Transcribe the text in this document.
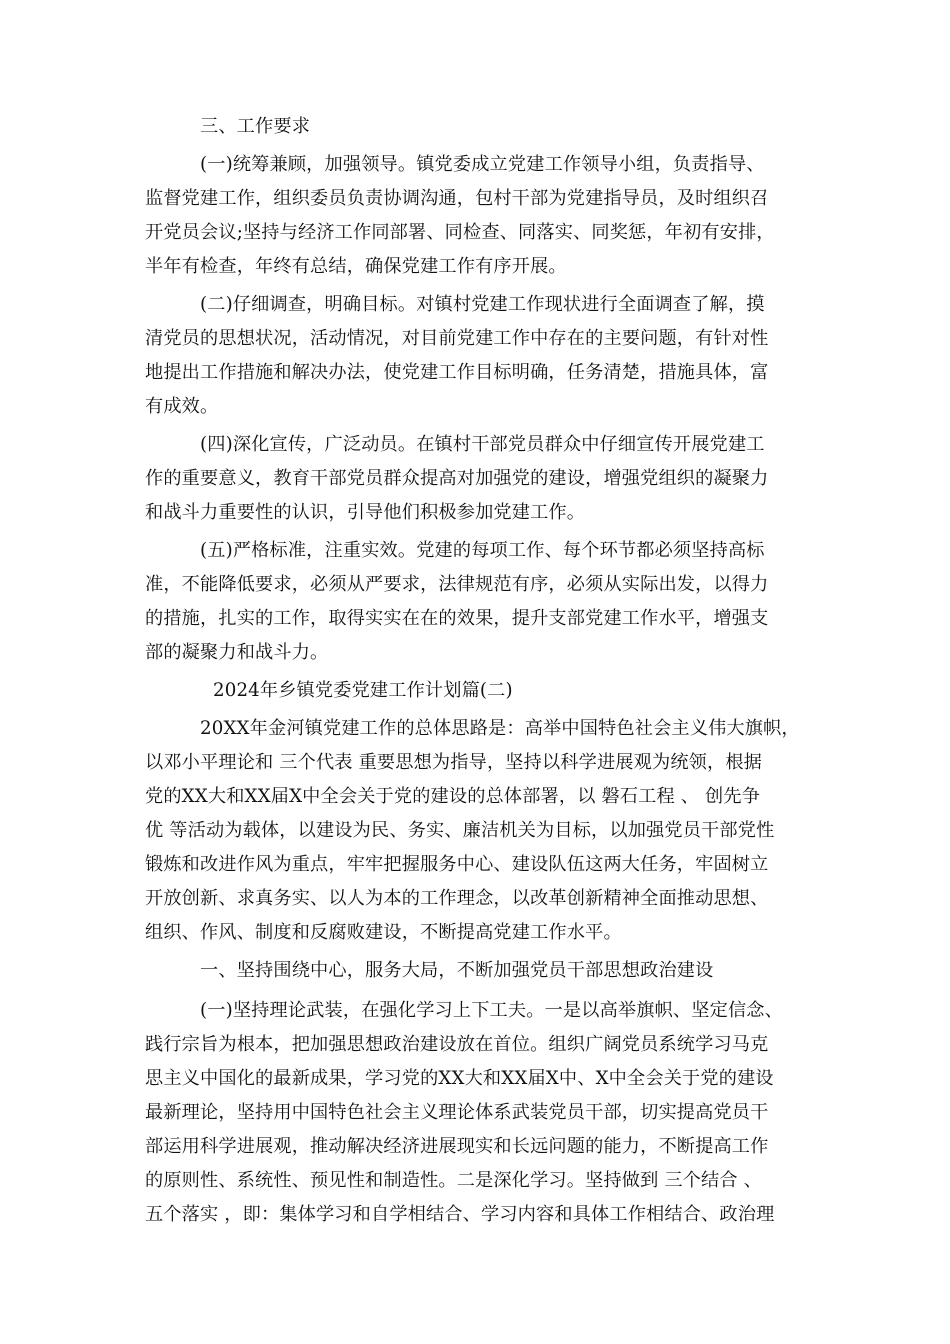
三、工作要求
(一)统筹兼顾，加强领导。镇党委成立党建工作领导小组，负责指导、
监督党建工作，组织委员负责协调沟通，包村干部为党建指导员，及时组织召
开党员会议;坚持与经济工作同部署、同检查、同落实、同奖惩，年初有安排，
半年有检查，年终有总结，确保党建工作有序开展。
(二)仔细调查，明确目标。对镇村党建工作现状进行全面调查了解，摸
清党员的思想状况，活动情况，对目前党建工作中存在的主要问题，有针对性
地提出工作措施和解决办法，使党建工作目标明确，任务清楚，措施具体，富
有成效。
(四)深化宣传，广泛动员。在镇村干部党员群众中仔细宣传开展党建工
作的重要意义，教育干部党员群众提高对加强党的建设，增强党组织的凝聚力
和战斗力重要性的认识，引导他们积极参加党建工作。
(五)严格标准，注重实效。党建的每项工作、每个环节都必须坚持高标
准，不能降低要求，必须从严要求，法律规范有序，必须从实际出发，以得力
的措施，扎实的工作，取得实实在在的效果，提升支部党建工作水平，增强支
部的凝聚力和战斗力。
2024年乡镇党委党建工作计划篇(二)
20XX年金河镇党建工作的总体思路是：高举中国特色社会主义伟大旗帜，
以邓小平理论和 三个代表 重要思想为指导，坚持以科学进展观为统领，根据
党的XX大和XX届X中全会关于党的建设的总体部署，以 磐石工程 、 创先争
优 等活动为载体，以建设为民、务实、廉洁机关为目标，以加强党员干部党性
锻炼和改进作风为重点，牢牢把握服务中心、建设队伍这两大任务，牢固树立
开放创新、求真务实、以人为本的工作理念，以改革创新精神全面推动思想、
组织、作风、制度和反腐败建设，不断提高党建工作水平。
一、坚持围绕中心，服务大局，不断加强党员干部思想政治建设
(一)坚持理论武装，在强化学习上下工夫。一是以高举旗帜、坚定信念、
践行宗旨为根本，把加强思想政治建设放在首位。组织广阔党员系统学习马克
思主义中国化的最新成果，学习党的XX大和XX届X中、X中全会关于党的建设
最新理论，坚持用中国特色社会主义理论体系武装党员干部，切实提高党员干
部运用科学进展观，推动解决经济进展现实和长远问题的能力，不断提高工作
的原则性、系统性、预见性和制造性。二是深化学习。坚持做到 三个结合 、
五个落实 ，即：集体学习和自学相结合、学习内容和具体工作相结合、政治理
